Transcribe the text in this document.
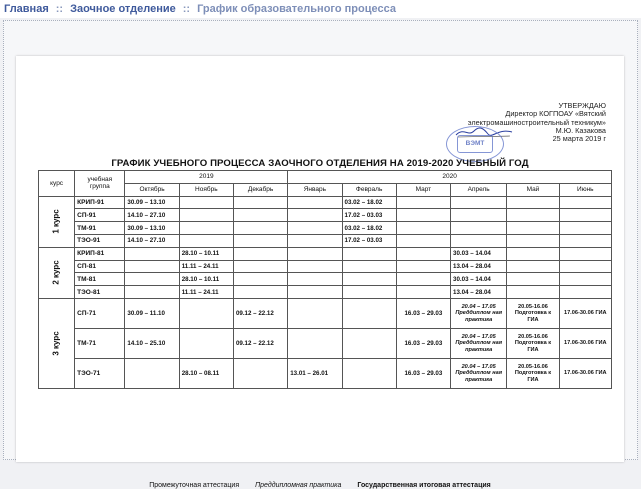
Главная :: Заочное отделение :: График образовательного процесса
УТВЕРЖДАЮ
Директор КОГПОАУ «Вятский
электромашиностроительный техникум»
М.Ю. Казакова
25 марта 2019 г
ВЭМТ
ГРАФИК УЧЕБНОГО ПРОЦЕССА ЗАОЧНОГО ОТДЕЛЕНИЯ НА 2019-2020 УЧЕБНЫЙ ГОД
курс	учебная группа	2019			2020					
		Октябрь	Ноябрь	Декабрь	Январь	Февраль	Март	Апрель	Май	Июнь
1 курс	КРИП-91	30.09 – 13.10				03.02 – 18.02				
	СП-91	14.10 – 27.10				17.02 – 03.03				
	ТМ-91	30.09 – 13.10				03.02 – 18.02				
	ТЭО-91	14.10 – 27.10				17.02 – 03.03				
2 курс	КРИП-81		28.10 – 10.11					30.03 – 14.04		
	СП-81		11.11 – 24.11					13.04 – 28.04		
	ТМ-81		28.10 – 10.11					30.03 – 14.04		
	ТЭО-81		11.11 – 24.11					13.04 – 28.04		
3 курс	СП-71	30.09 – 11.10		09.12 – 22.12			16.03 – 29.03	20.04 – 17.05 Преддиплом ная практика	20.05-16.06 Подготовка к ГИА	17.06-30.06 ГИА

	ТМ-71	14.10 – 25.10		09.12 – 22.12			16.03 – 29.03	20.04 – 17.05 Преддиплом ная практика	20.05-16.06 Подготовка к ГИА	17.06-30.06 ГИА

	ТЭО-71		28.10 – 08.11		13.01 – 26.01		16.03 – 29.03	20.04 – 17.05 Преддиплом ная практика	20.05-16.06 Подготовка к ГИА	17.06-30.06 ГИА
Промежуточная аттестация Преддипломная практика Государственная итоговая аттестация
